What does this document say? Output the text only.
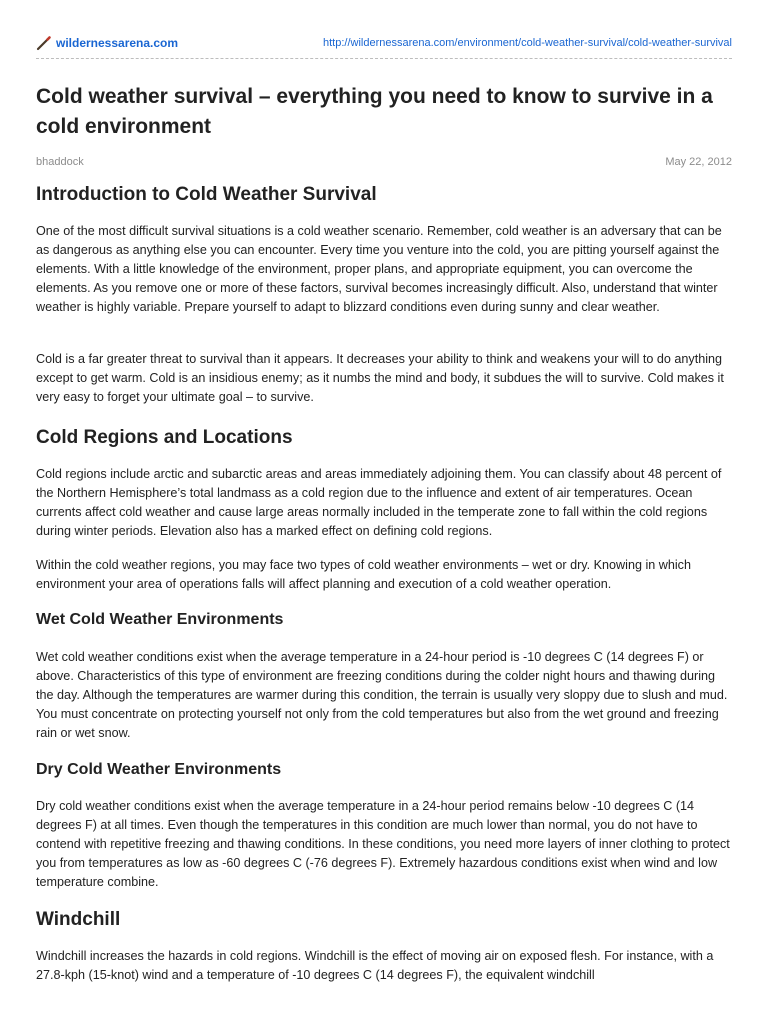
wildernessarena.com	http://wildernessarena.com/environment/cold-weather-survival/cold-weather-survival
Cold weather survival – everything you need to know to survive in a cold environment
bhaddock	May 22, 2012
Introduction to Cold Weather Survival

One of the most difficult survival situations is a cold weather scenario. Remember, cold weather is an adversary that can be as dangerous as anything else you can encounter. Every time you venture into the cold, you are pitting yourself against the elements. With a little knowledge of the environment, proper plans, and appropriate equipment, you can overcome the elements. As you remove one or more of these factors, survival becomes increasingly difficult. Also, understand that winter weather is highly variable. Prepare yourself to adapt to blizzard conditions even during sunny and clear weather.

Cold is a far greater threat to survival than it appears. It decreases your ability to think and weakens your will to do anything except to get warm. Cold is an insidious enemy; as it numbs the mind and body, it subdues the will to survive. Cold makes it very easy to forget your ultimate goal – to survive.

Cold Regions and Locations

Cold regions include arctic and subarctic areas and areas immediately adjoining them. You can classify about 48 percent of the Northern Hemisphere’s total landmass as a cold region due to the influence and extent of air temperatures. Ocean currents affect cold weather and cause large areas normally included in the temperate zone to fall within the cold regions during winter periods. Elevation also has a marked effect on defining cold regions.

Within the cold weather regions, you may face two types of cold weather environments – wet or dry. Knowing in which environment your area of operations falls will affect planning and execution of a cold weather operation.

Wet Cold Weather Environments

Wet cold weather conditions exist when the average temperature in a 24-hour period is -10 degrees C (14 degrees F) or above. Characteristics of this type of environment are freezing conditions during the colder night hours and thawing during the day. Although the temperatures are warmer during this condition, the terrain is usually very sloppy due to slush and mud. You must concentrate on protecting yourself not only from the cold temperatures but also from the wet ground and freezing rain or wet snow.

Dry Cold Weather Environments

Dry cold weather conditions exist when the average temperature in a 24-hour period remains below -10 degrees C (14 degrees F) at all times. Even though the temperatures in this condition are much lower than normal, you do not have to contend with repetitive freezing and thawing conditions. In these conditions, you need more layers of inner clothing to protect you from temperatures as low as -60 degrees C (-76 degrees F). Extremely hazardous conditions exist when wind and low temperature combine.

Windchill

Windchill increases the hazards in cold regions. Windchill is the effect of moving air on exposed flesh. For instance, with a 27.8-kph (15-knot) wind and a temperature of -10 degrees C (14 degrees F), the equivalent windchill
